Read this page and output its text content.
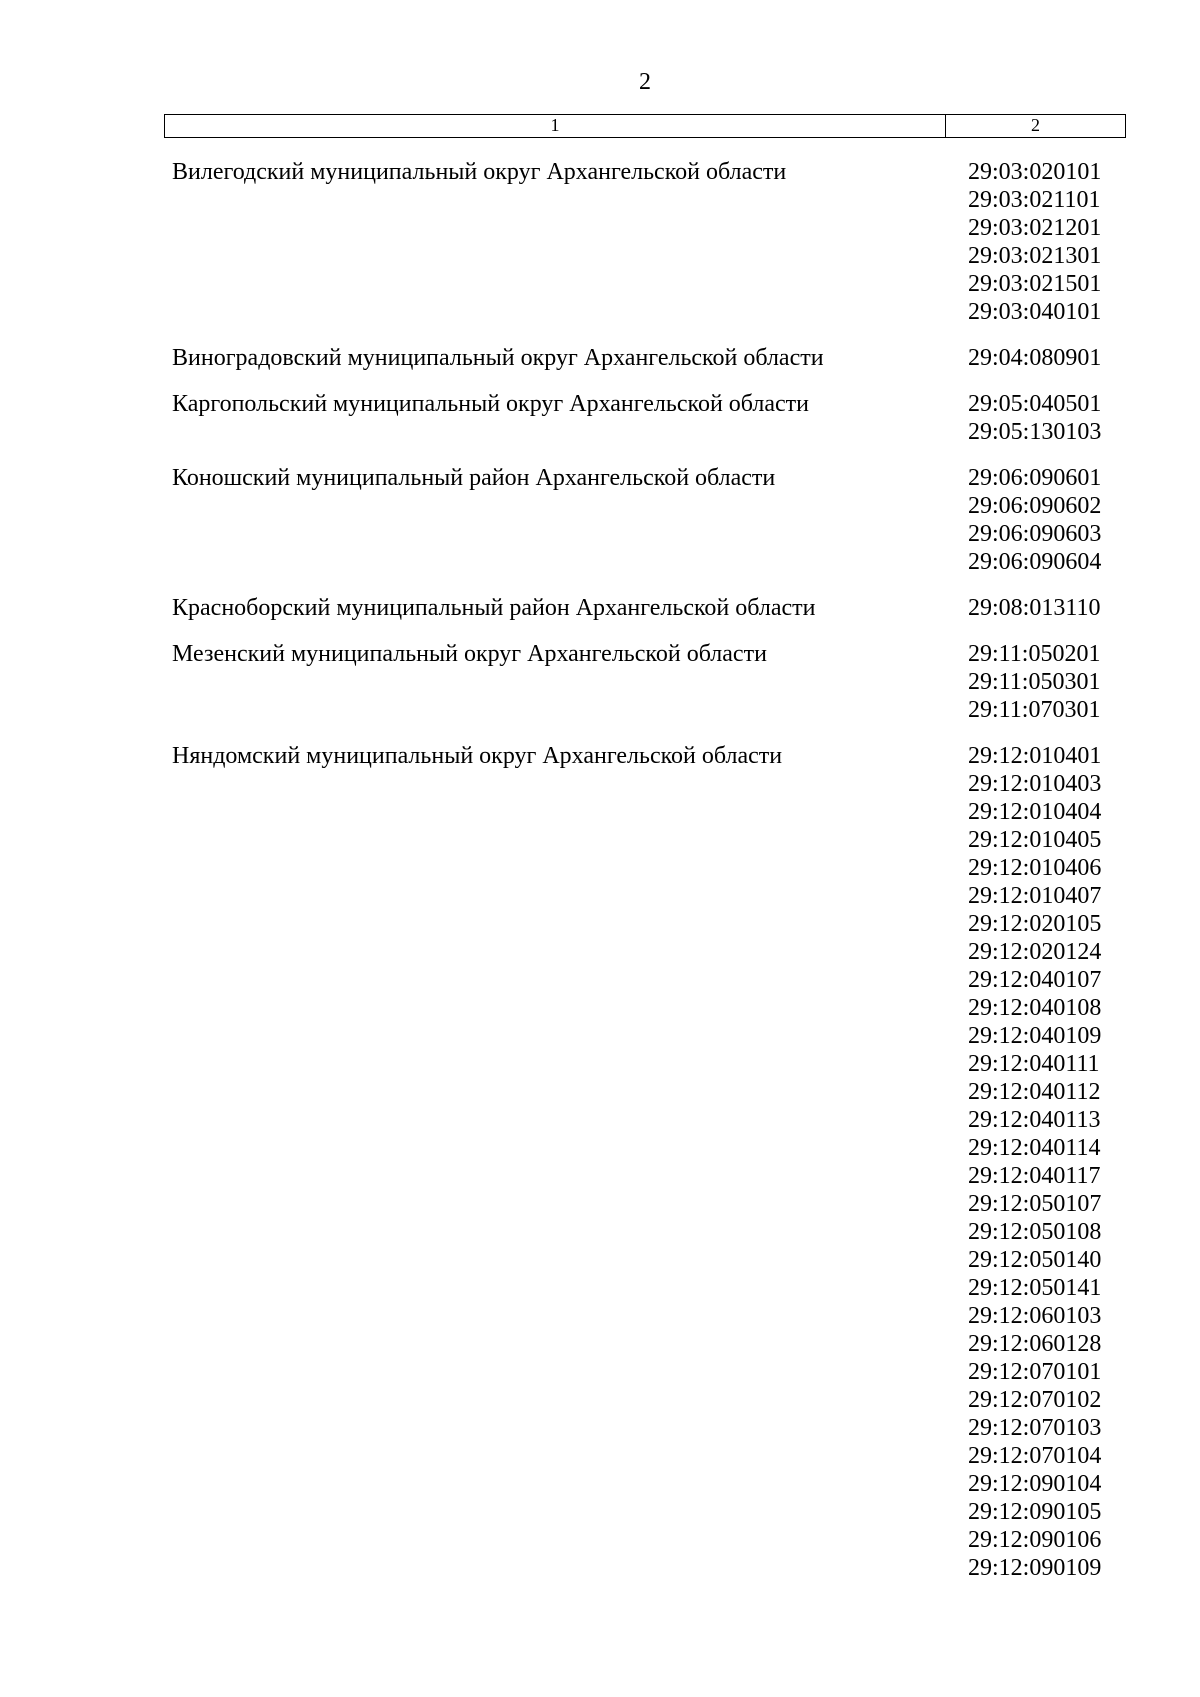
2
1	2
Вилегодский муниципальный округ Архангельской области	29:03:020101
29:03:021101
29:03:021201
29:03:021301
29:03:021501
29:03:040101
Виноградовский муниципальный округ Архангельской области	29:04:080901
Каргопольский муниципальный округ Архангельской области	29:05:040501
29:05:130103
Коношский муниципальный район Архангельской области	29:06:090601
29:06:090602
29:06:090603
29:06:090604
Красноборский муниципальный район Архангельской области	29:08:013110
Мезенский муниципальный округ Архангельской области	29:11:050201
29:11:050301
29:11:070301
Няндомский муниципальный округ Архангельской области	29:12:010401
29:12:010403
29:12:010404
29:12:010405
29:12:010406
29:12:010407
29:12:020105
29:12:020124
29:12:040107
29:12:040108
29:12:040109
29:12:040111
29:12:040112
29:12:040113
29:12:040114
29:12:040117
29:12:050107
29:12:050108
29:12:050140
29:12:050141
29:12:060103
29:12:060128
29:12:070101
29:12:070102
29:12:070103
29:12:070104
29:12:090104
29:12:090105
29:12:090106
29:12:090109
